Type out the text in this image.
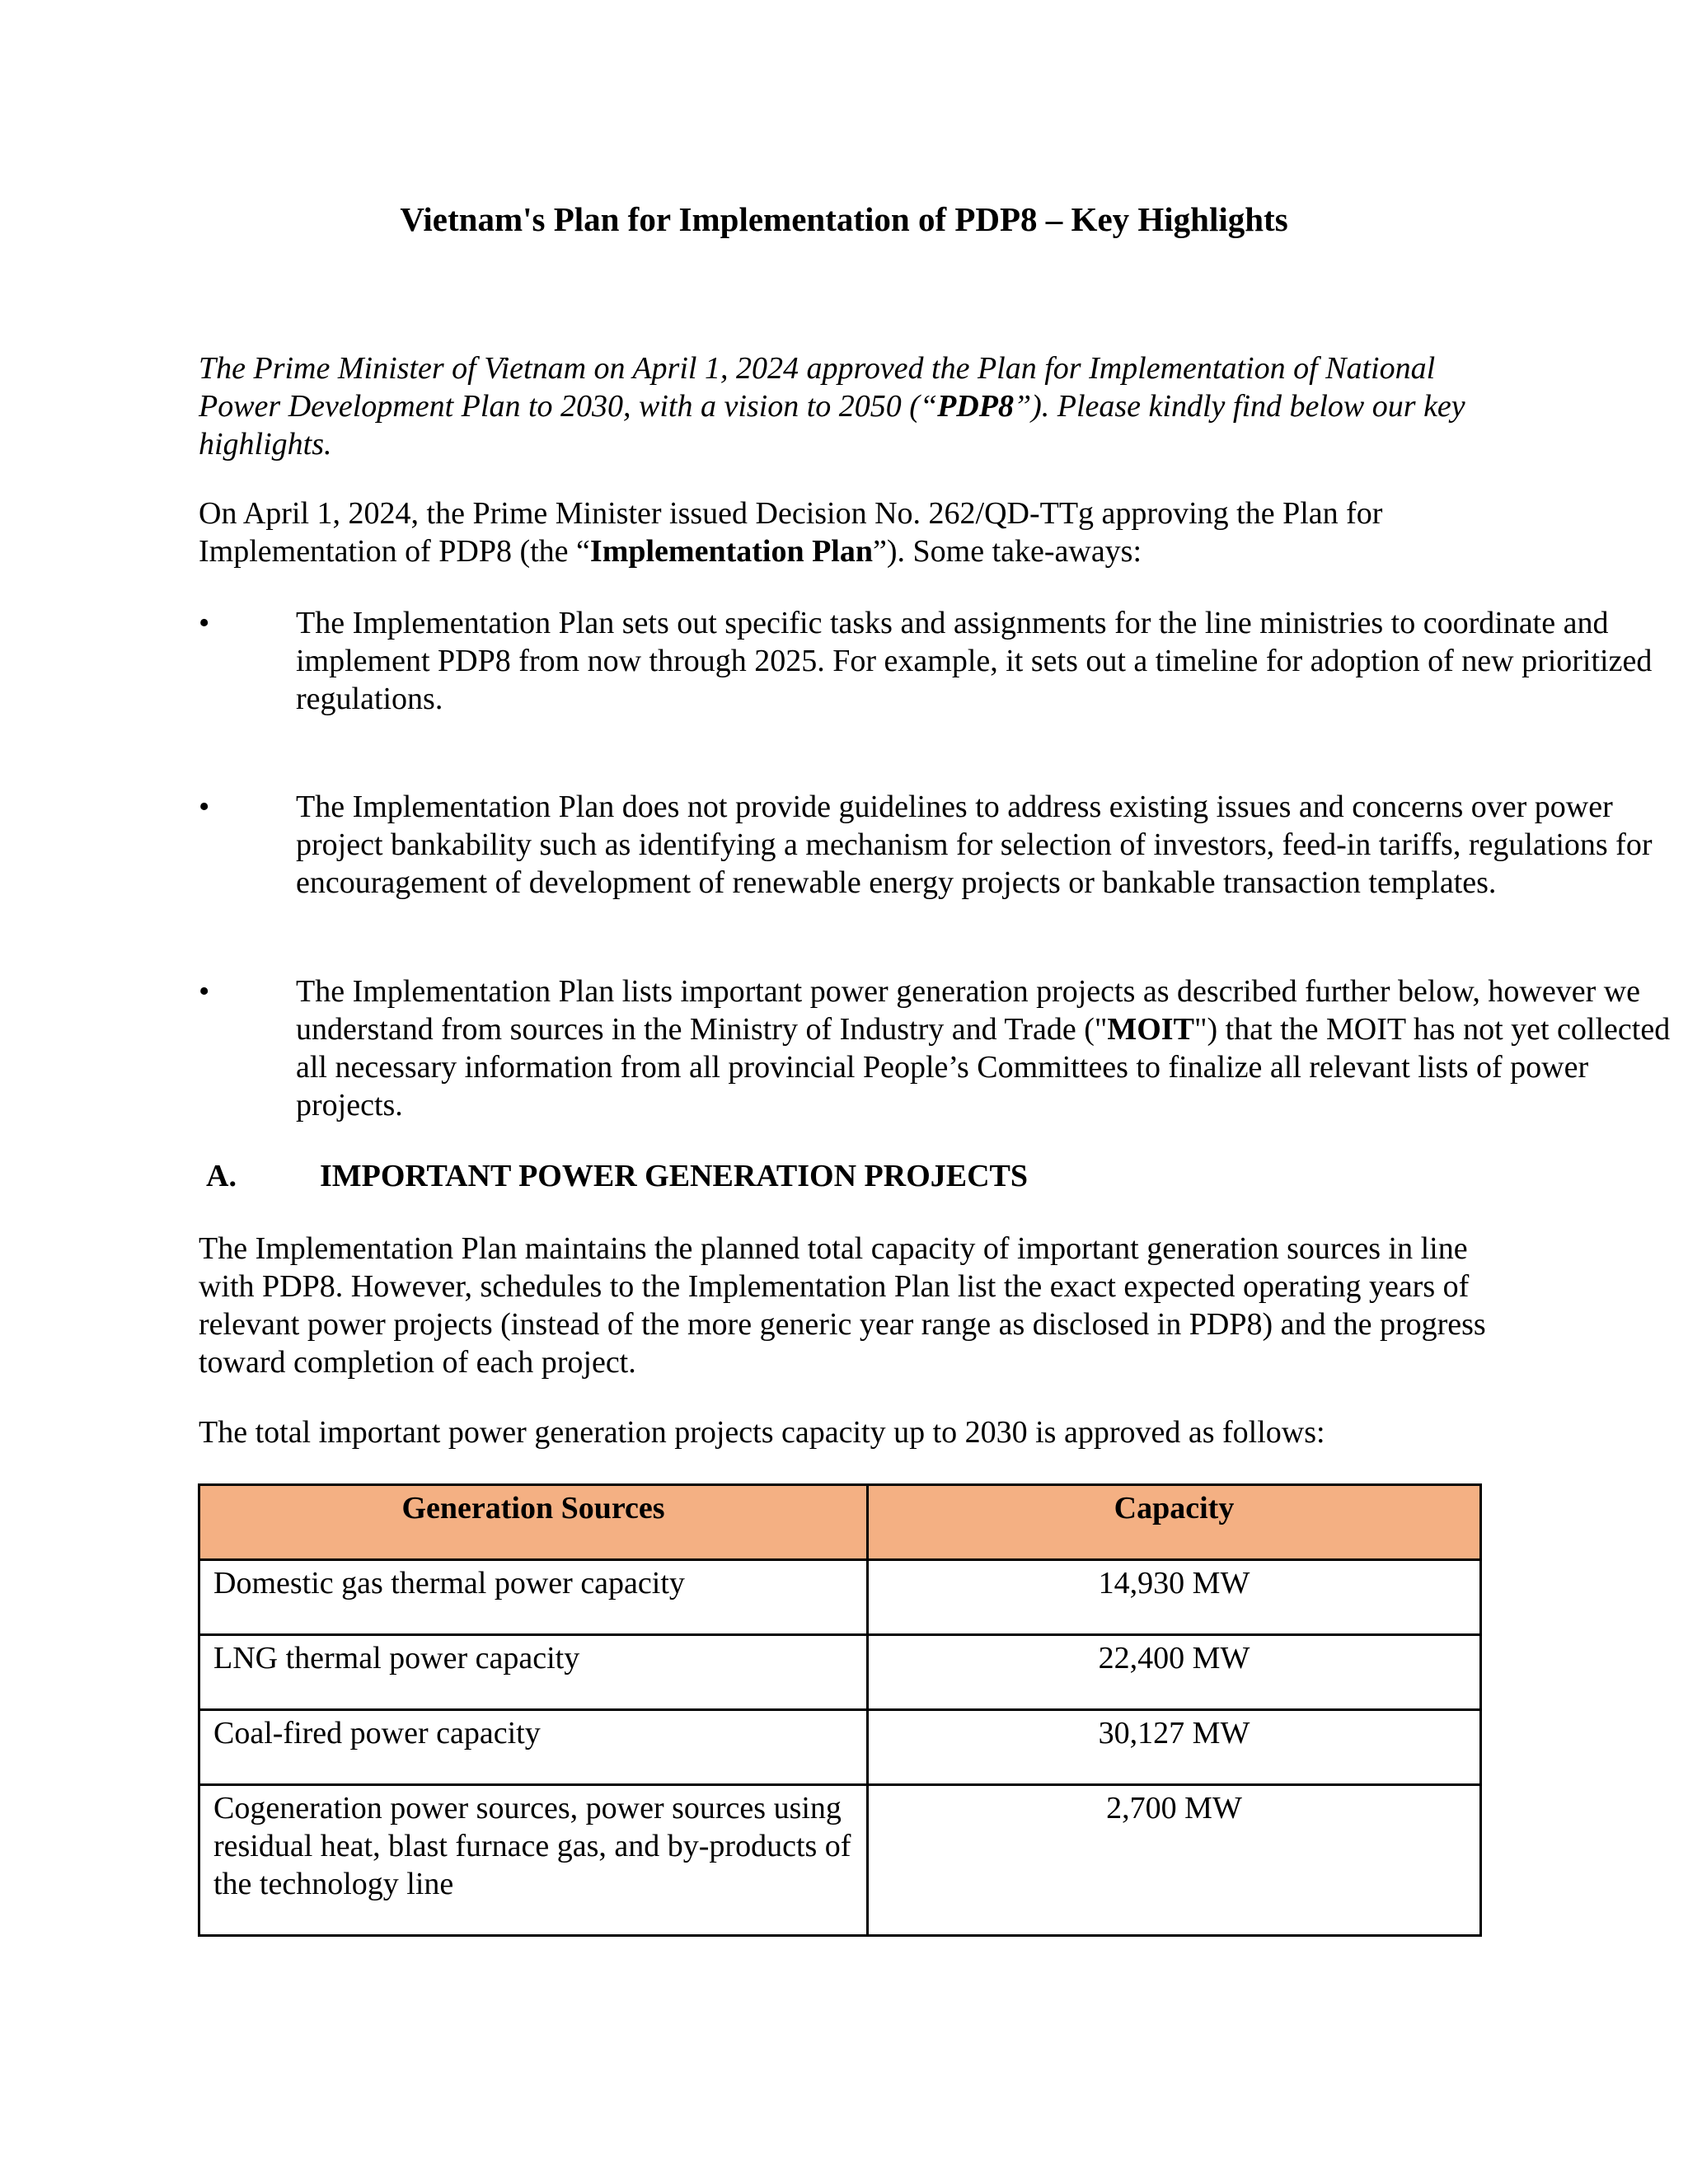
Vietnam's Plan for Implementation of PDP8 – Key Highlights
The Prime Minister of Vietnam on April 1, 2024 approved the Plan for Implementation of National Power Development Plan to 2030, with a vision to 2050 (“PDP8”). Please kindly find below our key highlights.
On April 1, 2024, the Prime Minister issued Decision No. 262/QD-TTg approving the Plan for Implementation of PDP8 (the “Implementation Plan”). Some take-aways:
•	The Implementation Plan sets out specific tasks and assignments for the line ministries to coordinate and implement PDP8 from now through 2025. For example, it sets out a timeline for adoption of new prioritized regulations.
•	The Implementation Plan does not provide guidelines to address existing issues and concerns over power project bankability such as identifying a mechanism for selection of investors, feed-in tariffs, regulations for encouragement of development of renewable energy projects or bankable transaction templates.
•	The Implementation Plan lists important power generation projects as described further below, however we understand from sources in the Ministry of Industry and Trade ("MOIT") that the MOIT has not yet collected all necessary information from all provincial People’s Committees to finalize all relevant lists of power projects.
A.	IMPORTANT POWER GENERATION PROJECTS
The Implementation Plan maintains the planned total capacity of important generation sources in line with PDP8. However, schedules to the Implementation Plan list the exact expected operating years of relevant power projects (instead of the more generic year range as disclosed in PDP8) and the progress toward completion of each project.
The total important power generation projects capacity up to 2030 is approved as follows:
Generation Sources	Capacity
Domestic gas thermal power capacity	14,930 MW
LNG thermal power capacity	22,400 MW
Coal-fired power capacity	30,127 MW
Cogeneration power sources, power sources using residual heat, blast furnace gas, and by-products of the technology line	2,700 MW
